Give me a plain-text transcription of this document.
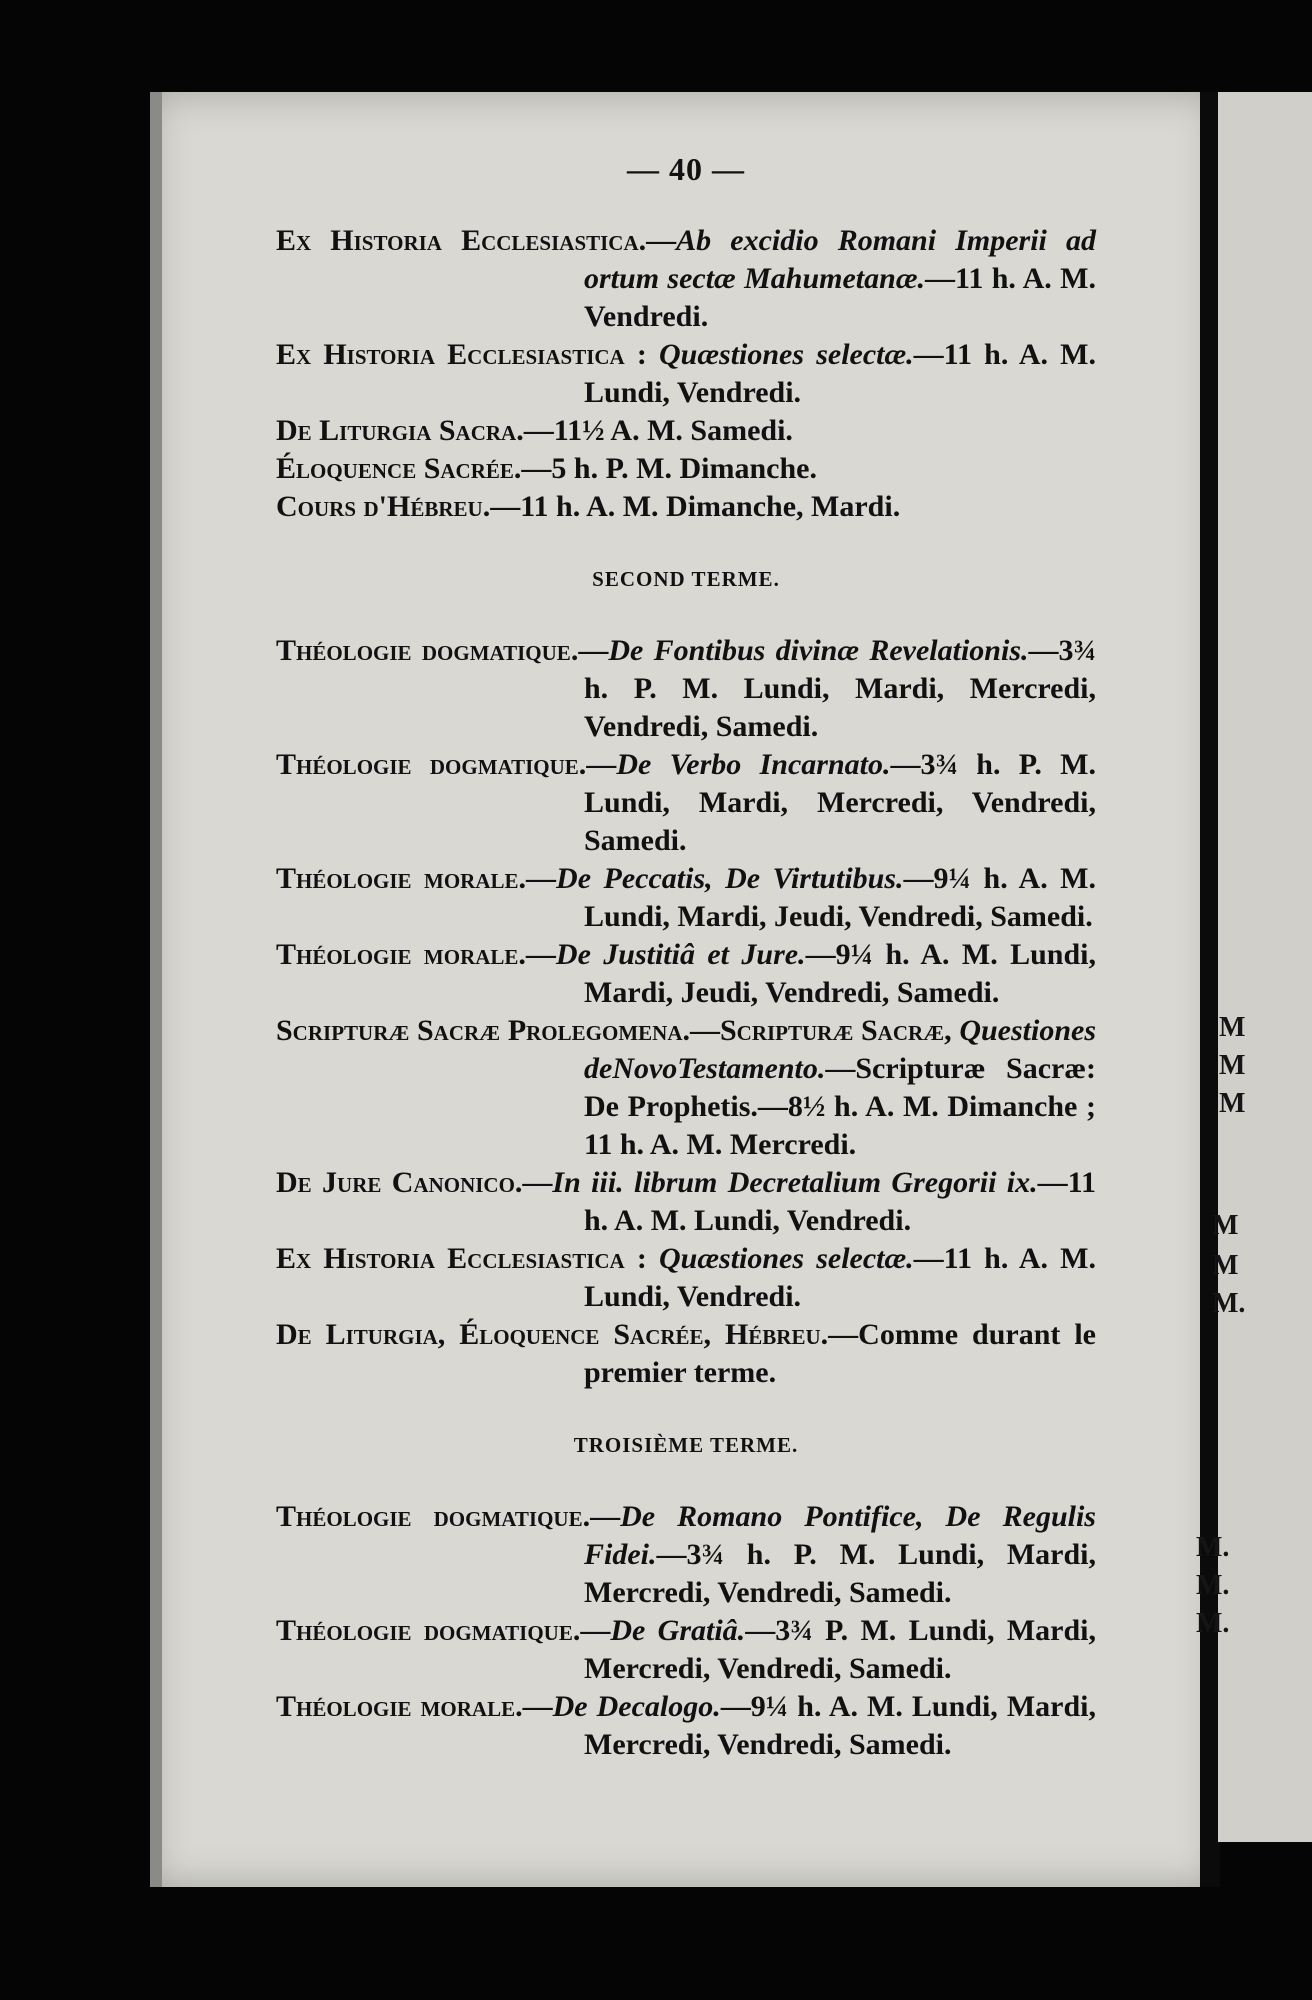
M
M
M
M
M
M.
M.
M.
M.
— 40 —

Ex Historia Ecclesiastica.—Ab excidio Romani Imperii ad ortum sectæ Mahumetanæ.—11 h. A. M. Vendredi.

Ex Historia Ecclesiastica : Quæstiones selectæ.—11 h. A. M. Lundi, Vendredi.

De Liturgia Sacra.—11½ A. M. Samedi.

Éloquence Sacrée.—5 h. P. M. Dimanche.

Cours d'Hébreu.—11 h. A. M. Dimanche, Mardi.

SECOND TERME.

Théologie dogmatique.—De Fontibus divinæ Revelationis.—3¾ h. P. M. Lundi, Mardi, Mercredi, Vendredi, Samedi.

Théologie dogmatique.—De Verbo Incarnato.—3¾ h. P. M. Lundi, Mardi, Mercredi, Vendredi, Samedi.

Théologie morale.—De Peccatis, De Virtutibus.—9¼ h. A. M. Lundi, Mardi, Jeudi, Vendredi, Samedi.

Théologie morale.—De Justitiâ et Jure.—9¼ h. A. M. Lundi, Mardi, Jeudi, Vendredi, Samedi.

Scripturæ Sacræ Prolegomena.—Scripturæ Sacræ, Questiones deNovoTestamento.—Scripturæ Sacræ: De Prophetis.—8½ h. A. M. Dimanche ; 11 h. A. M. Mercredi.

De Jure Canonico.—In iii. librum Decretalium Gregorii ix.—11 h. A. M. Lundi, Vendredi.

Ex Historia Ecclesiastica : Quæstiones selectæ.—11 h. A. M. Lundi, Vendredi.

De Liturgia, Éloquence Sacrée, Hébreu.—Comme durant le premier terme.

TROISIÈME TERME.

Théologie dogmatique.—De Romano Pontifice, De Regulis Fidei.—3¾ h. P. M. Lundi, Mardi, Mercredi, Vendredi, Samedi.

Théologie dogmatique.—De Gratiâ.—3¾ P. M. Lundi, Mardi, Mercredi, Vendredi, Samedi.

Théologie morale.—De Decalogo.—9¼ h. A. M. Lundi, Mardi, Mercredi, Vendredi, Samedi.
